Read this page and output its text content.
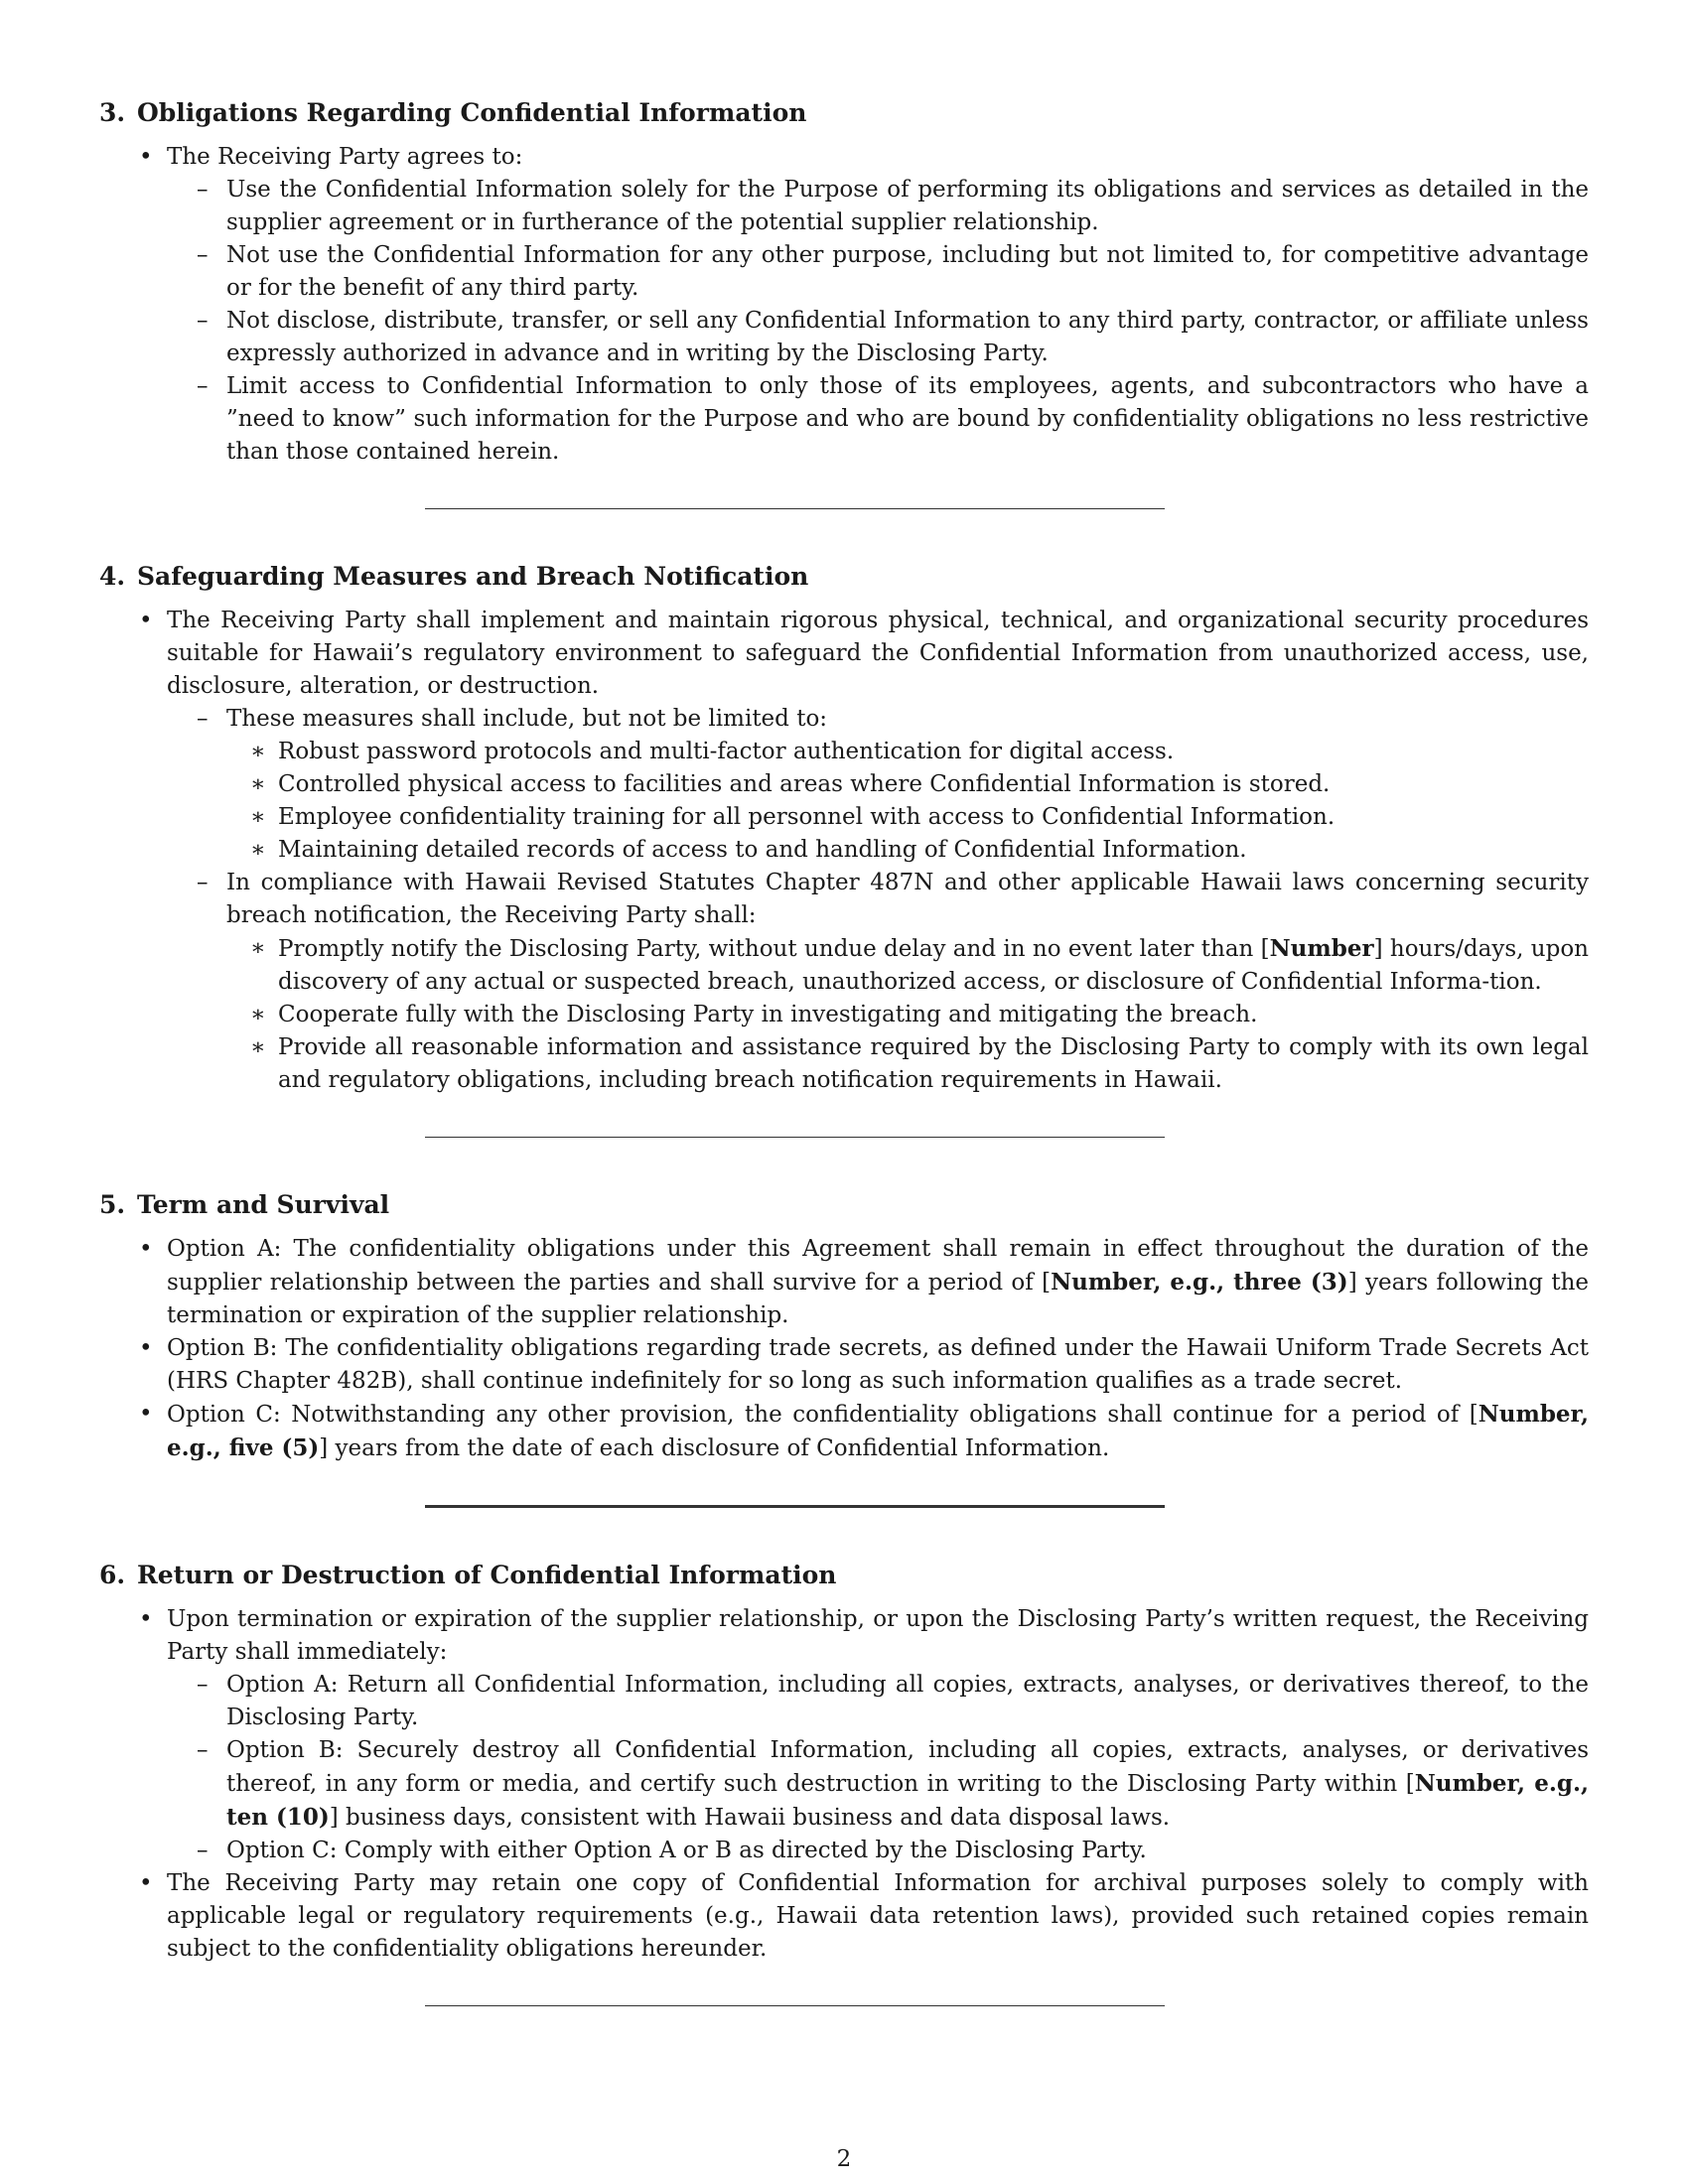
3. Obligations Regarding Confidential Information
• The Receiving Party agrees to:
– Use the Confidential Information solely for the Purpose of performing its obligations and services as detailed in the supplier agreement or in furtherance of the potential supplier relationship.
– Not use the Confidential Information for any other purpose, including but not limited to, for competitive advantage or for the benefit of any third party.
– Not disclose, distribute, transfer, or sell any Confidential Information to any third party, contractor, or affiliate unless expressly authorized in advance and in writing by the Disclosing Party.
– Limit access to Confidential Information to only those of its employees, agents, and subcontractors who have a ”need to know” such information for the Purpose and who are bound by confidentiality obligations no less restrictive than those contained herein.
4. Safeguarding Measures and Breach Notification
• The Receiving Party shall implement and maintain rigorous physical, technical, and organizational security procedures suitable for Hawaii’s regulatory environment to safeguard the Confidential Information from unauthorized access, use, disclosure, alteration, or destruction.
– These measures shall include, but not be limited to:
∗ Robust password protocols and multi-factor authentication for digital access.
∗ Controlled physical access to facilities and areas where Confidential Information is stored.
∗ Employee confidentiality training for all personnel with access to Confidential Information.
∗ Maintaining detailed records of access to and handling of Confidential Information.
– In compliance with Hawaii Revised Statutes Chapter 487N and other applicable Hawaii laws concerning security breach notification, the Receiving Party shall:
∗ Promptly notify the Disclosing Party, without undue delay and in no event later than [Number] hours/days, upon discovery of any actual or suspected breach, unauthorized access, or disclosure of Confidential Informa-tion.
∗ Cooperate fully with the Disclosing Party in investigating and mitigating the breach.
∗ Provide all reasonable information and assistance required by the Disclosing Party to comply with its own legal and regulatory obligations, including breach notification requirements in Hawaii.
5. Term and Survival
• Option A: The confidentiality obligations under this Agreement shall remain in effect throughout the duration of the supplier relationship between the parties and shall survive for a period of [Number, e.g., three (3)] years following the termination or expiration of the supplier relationship.
• Option B: The confidentiality obligations regarding trade secrets, as defined under the Hawaii Uniform Trade Secrets Act (HRS Chapter 482B), shall continue indefinitely for so long as such information qualifies as a trade secret.
• Option C: Notwithstanding any other provision, the confidentiality obligations shall continue for a period of [Number, e.g., five (5)] years from the date of each disclosure of Confidential Information.
6. Return or Destruction of Confidential Information
• Upon termination or expiration of the supplier relationship, or upon the Disclosing Party’s written request, the Receiving Party shall immediately:
– Option A: Return all Confidential Information, including all copies, extracts, analyses, or derivatives thereof, to the Disclosing Party.
– Option B: Securely destroy all Confidential Information, including all copies, extracts, analyses, or derivatives thereof, in any form or media, and certify such destruction in writing to the Disclosing Party within [Number, e.g., ten (10)] business days, consistent with Hawaii business and data disposal laws.
– Option C: Comply with either Option A or B as directed by the Disclosing Party.
• The Receiving Party may retain one copy of Confidential Information for archival purposes solely to comply with applicable legal or regulatory requirements (e.g., Hawaii data retention laws), provided such retained copies remain subject to the confidentiality obligations hereunder.
2
